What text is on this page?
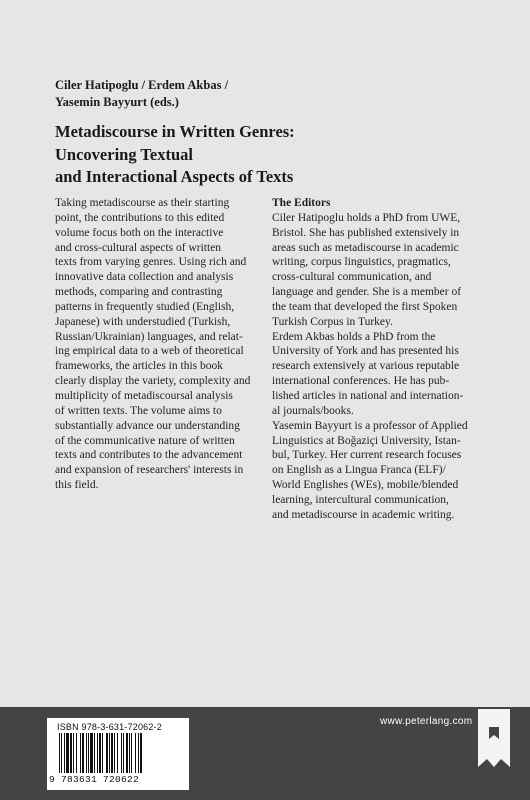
Ciler Hatipoglu / Erdem Akbas /
Yasemin Bayyurt (eds.)
Metadiscourse in Written Genres:
Uncovering Textual
and Interactional Aspects of Texts
Taking metadiscourse as their starting
point, the contributions to this edited
volume focus both on the interactive
and cross-cultural aspects of written
texts from varying genres. Using rich and
innovative data collection and analysis
methods, comparing and contrasting
patterns in frequently studied (English,
Japanese) with understudied (Turkish,
Russian/Ukrainian) languages, and relat-
ing empirical data to a web of theoretical
frameworks, the articles in this book
clearly display the variety, complexity and
multiplicity of metadiscoursal analysis
of written texts. The volume aims to
substantially advance our understanding
of the communicative nature of written
texts and contributes to the advancement
and expansion of researchers' interests in
this field.
The Editors
Ciler Hatipoglu holds a PhD from UWE,
Bristol. She has published extensively in
areas such as metadiscourse in academic
writing, corpus linguistics, pragmatics,
cross-cultural communication, and
language and gender. She is a member of
the team that developed the first Spoken
Turkish Corpus in Turkey.
Erdem Akbas holds a PhD from the
University of York and has presented his
research extensively at various reputable
international conferences. He has pub-
lished articles in national and internation-
al journals/books.
Yasemin Bayyurt is a professor of Applied
Linguistics at Boğaziçi University, Istan-
bul, Turkey. Her current research focuses
on English as a Lingua Franca (ELF)/
World Englishes (WEs), mobile/blended
learning, intercultural communication,
and metadiscourse in academic writing.
ISBN 978-3-631-72062-2
9 783631 720622
www.peterlang.com
